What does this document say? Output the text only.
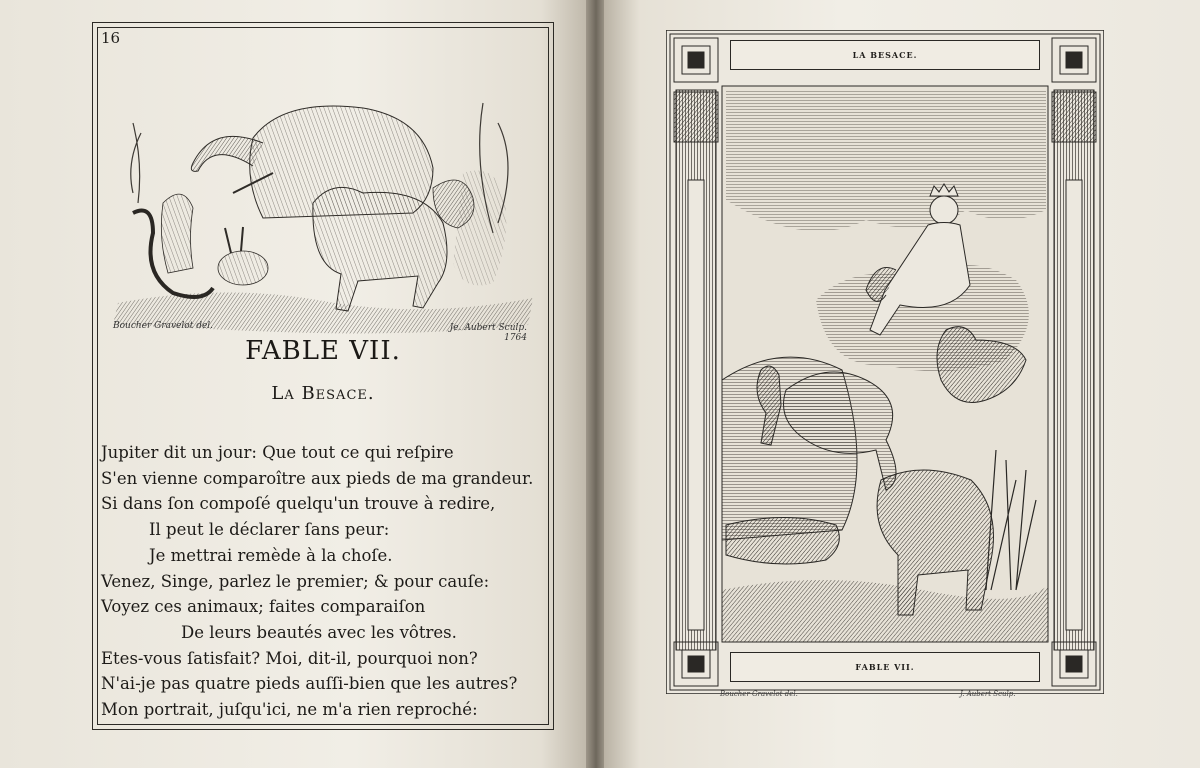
16
Boucher Gravelot del.	Je. Aubert Sculp. 1764
FABLE VII.
La Besace.
Jupiter dit un jour: Que tout ce qui reſpire
S'en vienne comparoître aux pieds de ma grandeur.
Si dans ſon compoſé quelqu'un trouve à redire,
Il peut le déclarer ſans peur:
Je mettrai remède à la choſe.
Venez, Singe, parlez le premier; & pour cauſe:
Voyez ces animaux; faites comparaiſon
De leurs beautés avec les vôtres.
Etes-vous ſatisfait? Moi, dit-il, pourquoi non?
N'ai-je pas quatre pieds auſſi-bien que les autres?
Mon portrait, juſqu'ici, ne m'a rien reproché:
LA BESACE.
FABLE VII.
Boucher Gravelot del.	J. Aubert Sculp.
